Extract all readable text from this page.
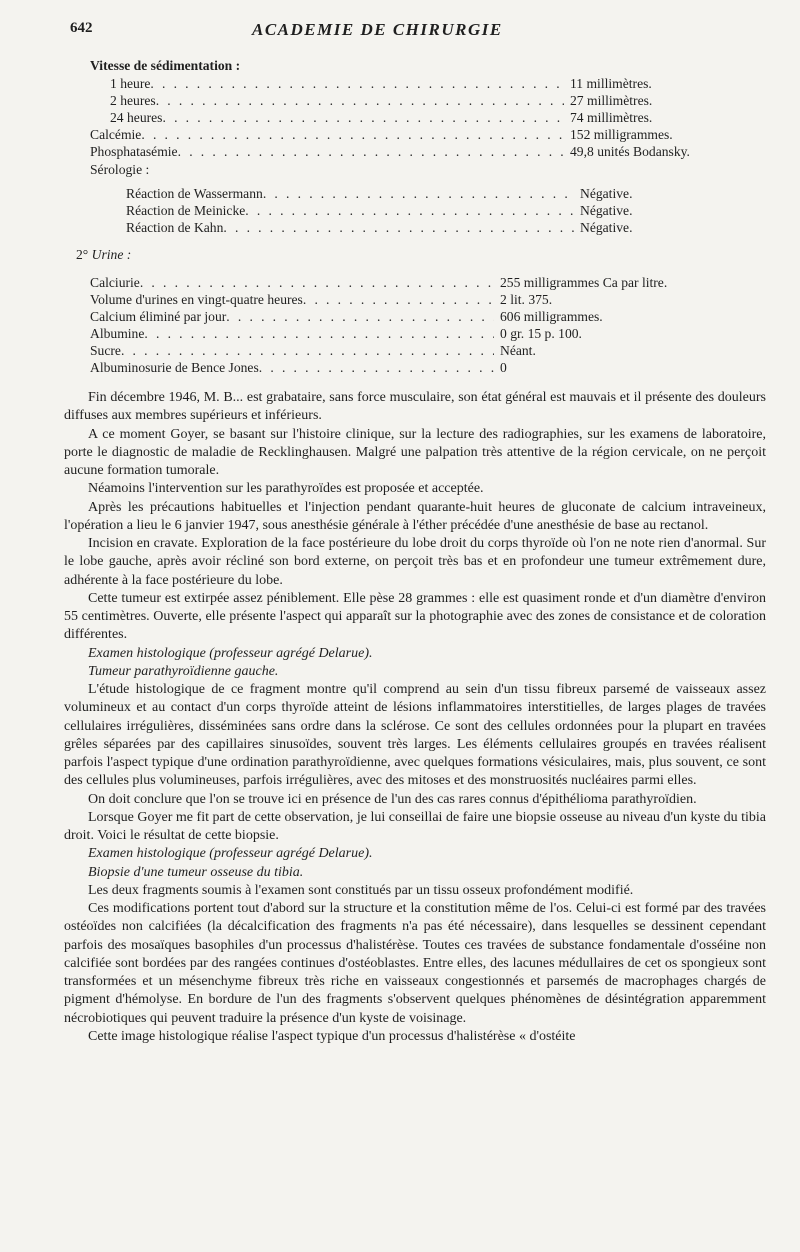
642	ACADEMIE DE CHIRURGIE
Vitesse de sédimentation :
1 heure . . .	11 millimètres.
2 heures . . .	27 millimètres.
24 heures . . .	74 millimètres.
Calcémie . . .	152 milligrammes.
Phosphatasémie . . .	49,8 unités Bodansky.
Sérologie :
Réaction de Wassermann . . .	Négative.
Réaction de Meinicke . . .	Négative.
Réaction de Kahn . . .	Négative.
2° Urine :
Calciurie . . .	255 milligrammes Ca par litre.
Volume d'urines en vingt-quatre heures . . .	2 lit. 375.
Calcium éliminé par jour . . .	606 milligrammes.
Albumine . . .	0 gr. 15 p. 100.
Sucre . . .	Néant.
Albuminosurie de Bence Jones . . .	0

Fin décembre 1946, M. B... est grabataire, sans force musculaire, son état général est mauvais et il présente des douleurs diffuses aux membres supérieurs et inférieurs.

A ce moment Goyer, se basant sur l'histoire clinique, sur la lecture des radiographies, sur les examens de laboratoire, porte le diagnostic de maladie de Recklinghausen. Malgré une palpation très attentive de la région cervicale, on ne perçoit aucune formation tumorale.

Néamoins l'intervention sur les parathyroïdes est proposée et acceptée.

Après les précautions habituelles et l'injection pendant quarante-huit heures de gluconate de calcium intraveineux, l'opération a lieu le 6 janvier 1947, sous anesthésie générale à l'éther précédée d'une anesthésie de base au rectanol.

Incision en cravate. Exploration de la face postérieure du lobe droit du corps thyroïde où l'on ne note rien d'anormal. Sur le lobe gauche, après avoir récliné son bord externe, on perçoit très bas et en profondeur une tumeur extrêmement dure, adhérente à la face postérieure du lobe.

Cette tumeur est extirpée assez péniblement. Elle pèse 28 grammes : elle est quasiment ronde et d'un diamètre d'environ 55 centimètres. Ouverte, elle présente l'aspect qui apparaît sur la photographie avec des zones de consistance et de coloration différentes.

Examen histologique (professeur agrégé Delarue).

Tumeur parathyroïdienne gauche.

L'étude histologique de ce fragment montre qu'il comprend au sein d'un tissu fibreux parsemé de vaisseaux assez volumineux et au contact d'un corps thyroïde atteint de lésions inflammatoires interstitielles, de larges plages de travées cellulaires irrégulières, disséminées sans ordre dans la sclérose. Ce sont des cellules ordonnées pour la plupart en travées grêles séparées par des capillaires sinusoïdes, souvent très larges. Les éléments cellulaires groupés en travées réalisent parfois l'aspect typique d'une ordination parathyroïdienne, avec quelques formations vésiculaires, mais, plus souvent, ce sont des cellules plus volumineuses, parfois irrégulières, avec des mitoses et des monstruosités nucléaires parmi elles.

On doit conclure que l'on se trouve ici en présence de l'un des cas rares connus d'épithélioma parathyroïdien.

Lorsque Goyer me fit part de cette observation, je lui conseillai de faire une biopsie osseuse au niveau d'un kyste du tibia droit. Voici le résultat de cette biopsie.

Examen histologique (professeur agrégé Delarue).

Biopsie d'une tumeur osseuse du tibia.

Les deux fragments soumis à l'examen sont constitués par un tissu osseux profondément modifié.

Ces modifications portent tout d'abord sur la structure et la constitution même de l'os. Celui-ci est formé par des travées ostéoïdes non calcifiées (la décalcification des fragments n'a pas été nécessaire), dans lesquelles se dessinent cependant parfois des mosaïques basophiles d'un processus d'halistérèse. Toutes ces travées de substance fondamentale d'osséine non calcifiée sont bordées par des rangées continues d'ostéoblastes. Entre elles, des lacunes médullaires de cet os spongieux sont transformées et un mésenchyme fibreux très riche en vaisseaux congestionnés et parsemés de macrophages chargés de pigment d'hémolyse. En bordure de l'un des fragments s'observent quelques phénomènes de désintégration apparemment nécrobiotiques qui peuvent traduire la présence d'un kyste de voisinage.

Cette image histologique réalise l'aspect typique d'un processus d'halistérèse « d'ostéite
